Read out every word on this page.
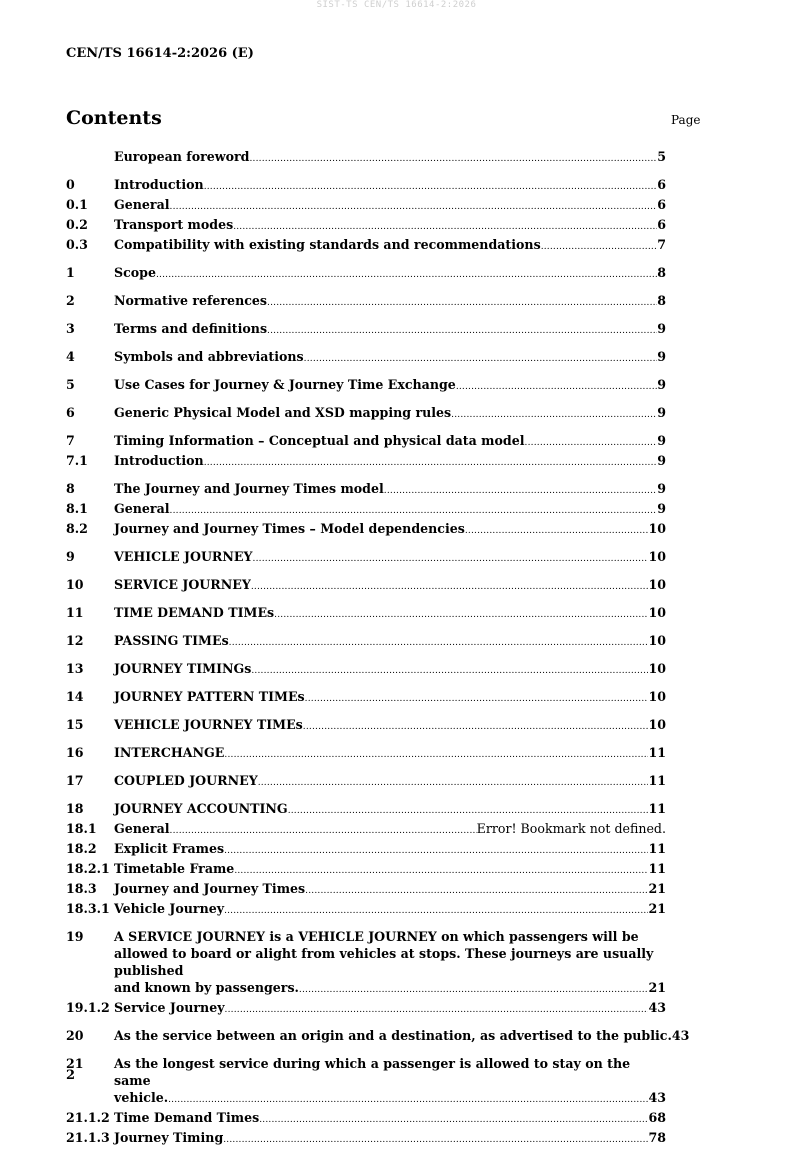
SIST-TS CEN/TS 16614-2:2026
CEN/TS 16614-2:2026 (E)
Contents	Page
European foreword .....	5
0	Introduction .....	6
0.1	General .....	6
0.2	Transport modes .....	6
0.3	Compatibility with existing standards and recommendations .....	7
1	Scope .....	8
2	Normative references .....	8
3	Terms and definitions .....	9
4	Symbols and abbreviations .....	9
5	Use Cases for Journey & Journey Time Exchange .....	9
6	Generic Physical Model and XSD mapping rules .....	9
7	Timing Information – Conceptual and physical data model .....	9
7.1	Introduction .....	9
8	The Journey and Journey Times model .....	9
8.1	General .....	9
8.2	Journey and Journey Times – Model dependencies .....	10
9	VEHICLE JOURNEY .....	10
10	SERVICE JOURNEY .....	10
11	TIME DEMAND TIMEs .....	10
12	PASSING TIMEs .....	10
13	JOURNEY TIMINGs .....	10
14	JOURNEY PATTERN TIMEs .....	10
15	VEHICLE JOURNEY TIMEs .....	10
16	INTERCHANGE .....	11
17	COUPLED JOURNEY .....	11
18	JOURNEY ACCOUNTING .....	11
18.1	General .....	Error! Bookmark not defined.
18.2	Explicit Frames .....	11
18.2.1 Timetable Frame .....	11
18.3	Journey and Journey Times .....	21
18.3.1 Vehicle Journey .....	21
19	A SERVICE JOURNEY is a VEHICLE JOURNEY on which passengers will be allowed to board or alight from vehicles at stops. These journeys are usually published
and known by passengers. .....	21
19.1.2 Service Journey .....	43
20	As the service between an origin and a destination, as advertised to the public. 43
21	As the longest service during which a passenger is allowed to stay on the same
vehicle. .....	43
21.1.2 Time Demand Times .....	68
21.1.3 Journey Timing .....	78
2
